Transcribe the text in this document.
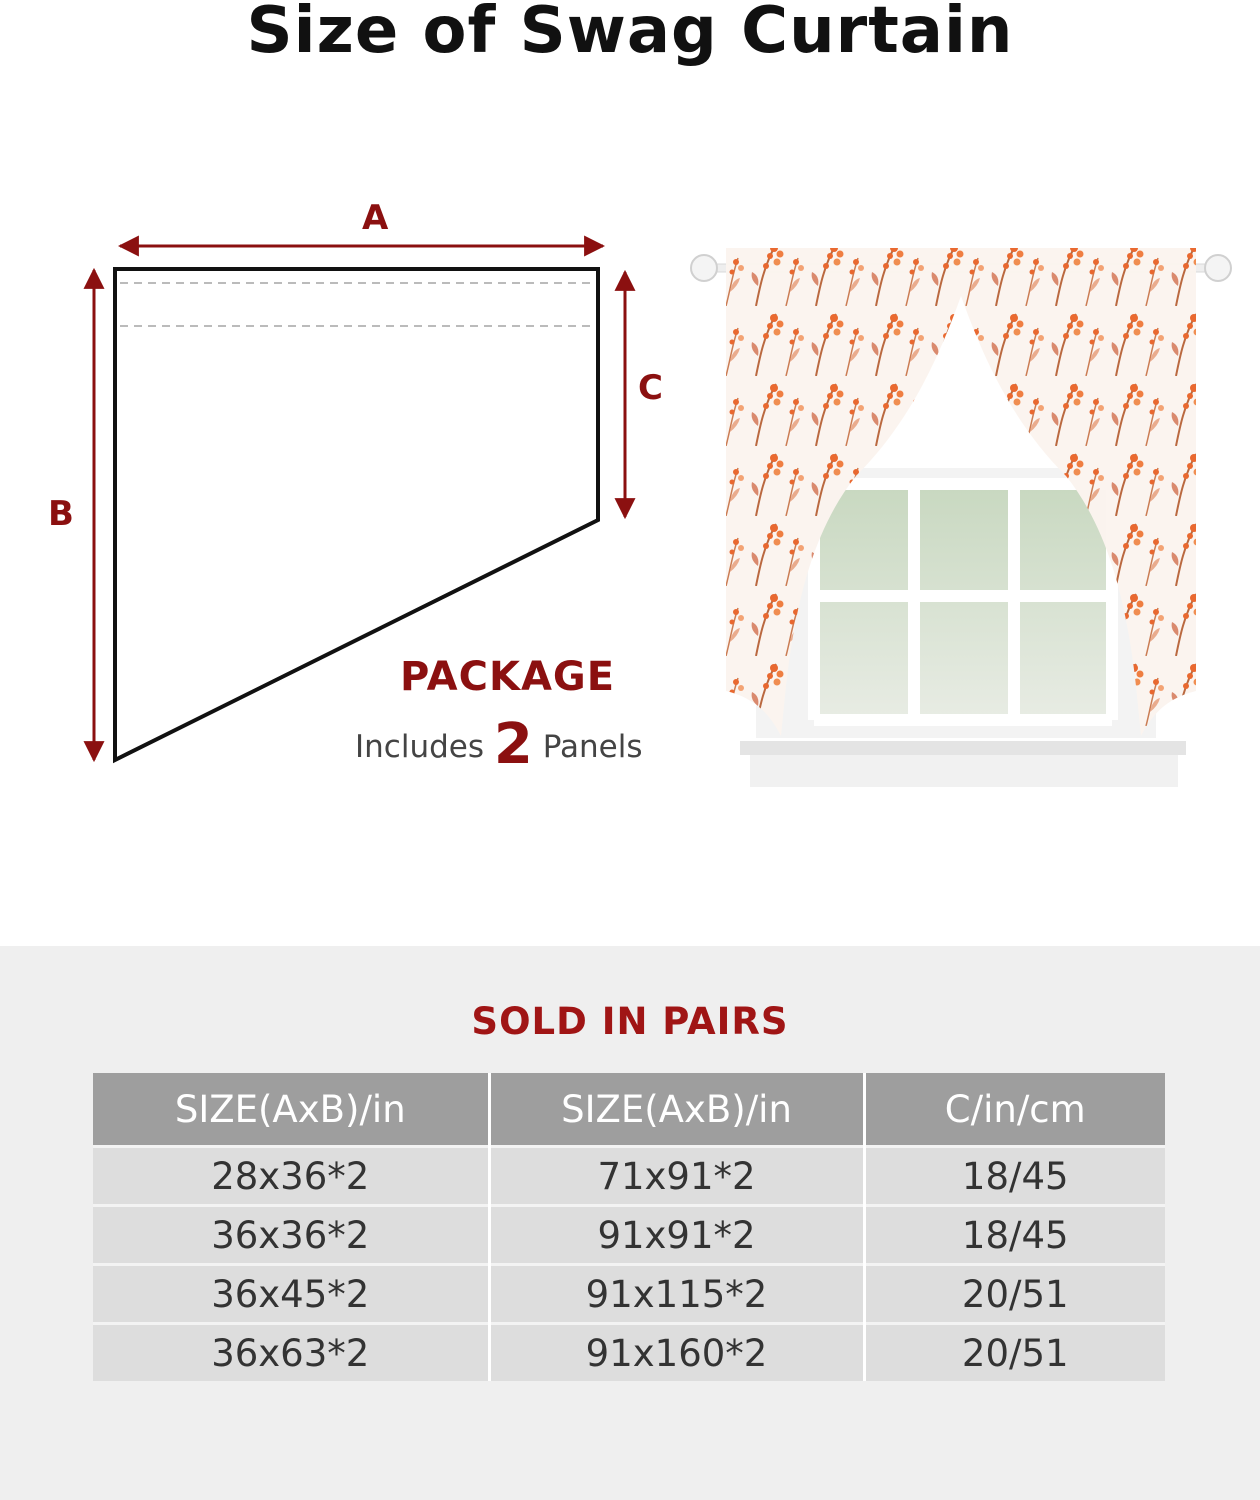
Size of Swag Curtain
A
B
C
PACKAGE
Includes 2 Panels
SOLD IN PAIRS
SIZE(AxB)/in	SIZE(AxB)/in	C/in/cm
28x36*2	71x91*2	18/45
36x36*2	91x91*2	18/45
36x45*2	91x115*2	20/51
36x63*2	91x160*2	20/51
